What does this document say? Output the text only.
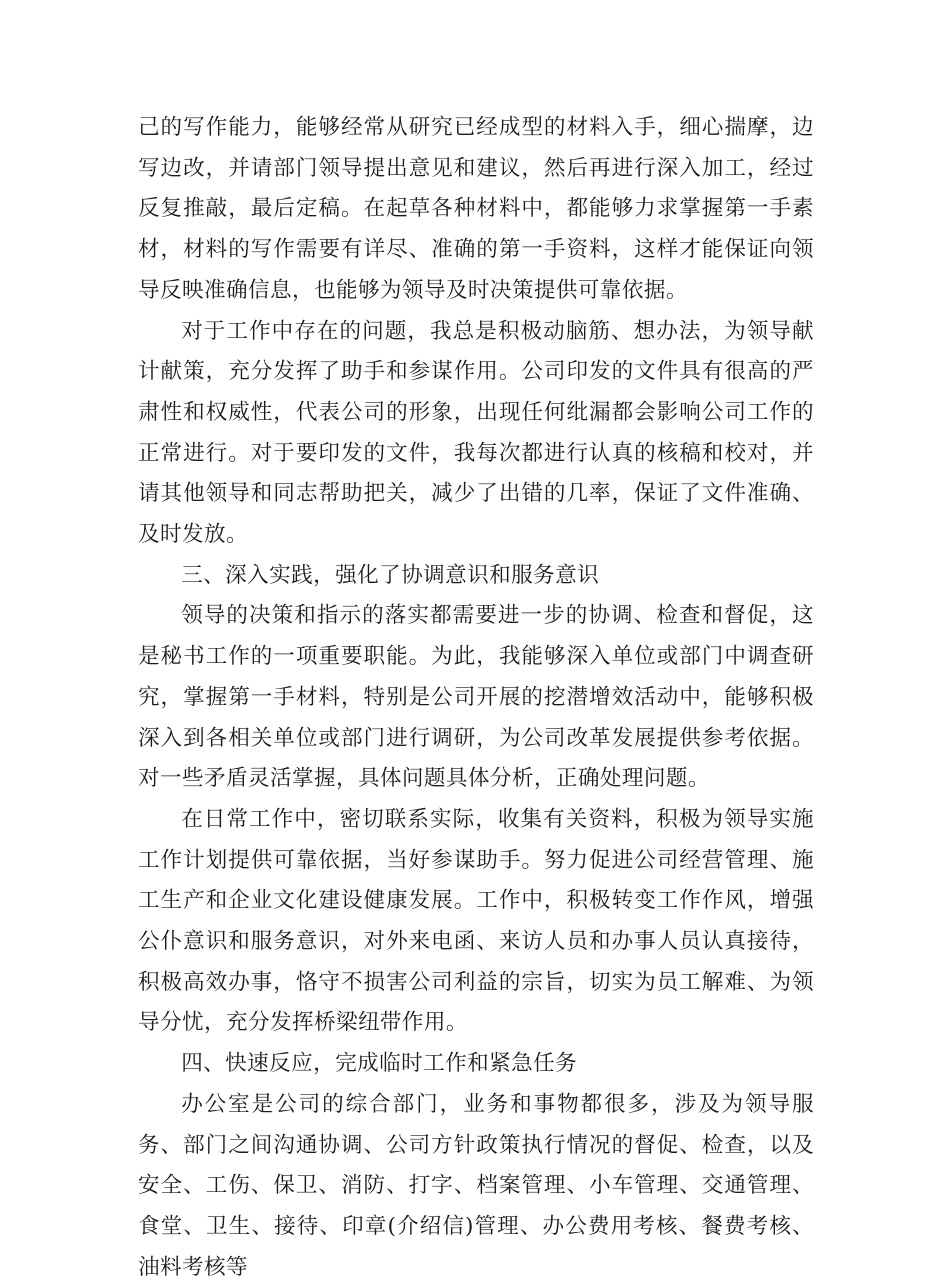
己的写作能力，能够经常从研究已经成型的材料入手，细心揣摩，边写边改，并请部门领导提出意见和建议，然后再进行深入加工，经过反复推敲，最后定稿。在起草各种材料中，都能够力求掌握第一手素材，材料的写作需要有详尽、准确的第一手资料，这样才能保证向领导反映准确信息，也能够为领导及时决策提供可靠依据。

对于工作中存在的问题，我总是积极动脑筋、想办法，为领导献计献策，充分发挥了助手和参谋作用。公司印发的文件具有很高的严肃性和权威性，代表公司的形象，出现任何纰漏都会影响公司工作的正常进行。对于要印发的文件，我每次都进行认真的核稿和校对，并请其他领导和同志帮助把关，减少了出错的几率，保证了文件准确、及时发放。

三、深入实践，强化了协调意识和服务意识

领导的决策和指示的落实都需要进一步的协调、检查和督促，这是秘书工作的一项重要职能。为此，我能够深入单位或部门中调查研究，掌握第一手材料，特别是公司开展的挖潜增效活动中，能够积极深入到各相关单位或部门进行调研，为公司改革发展提供参考依据。对一些矛盾灵活掌握，具体问题具体分析，正确处理问题。

在日常工作中，密切联系实际，收集有关资料，积极为领导实施工作计划提供可靠依据，当好参谋助手。努力促进公司经营管理、施工生产和企业文化建设健康发展。工作中，积极转变工作作风，增强公仆意识和服务意识，对外来电函、来访人员和办事人员认真接待，积极高效办事，恪守不损害公司利益的宗旨，切实为员工解难、为领导分忧，充分发挥桥梁纽带作用。

四、快速反应，完成临时工作和紧急任务

办公室是公司的综合部门，业务和事物都很多，涉及为领导服务、部门之间沟通协调、公司方针政策执行情况的督促、检查，以及安全、工伤、保卫、消防、打字、档案管理、小车管理、交通管理、食堂、卫生、接待、印章(介绍信)管理、办公费用考核、餐费考核、油料考核等
